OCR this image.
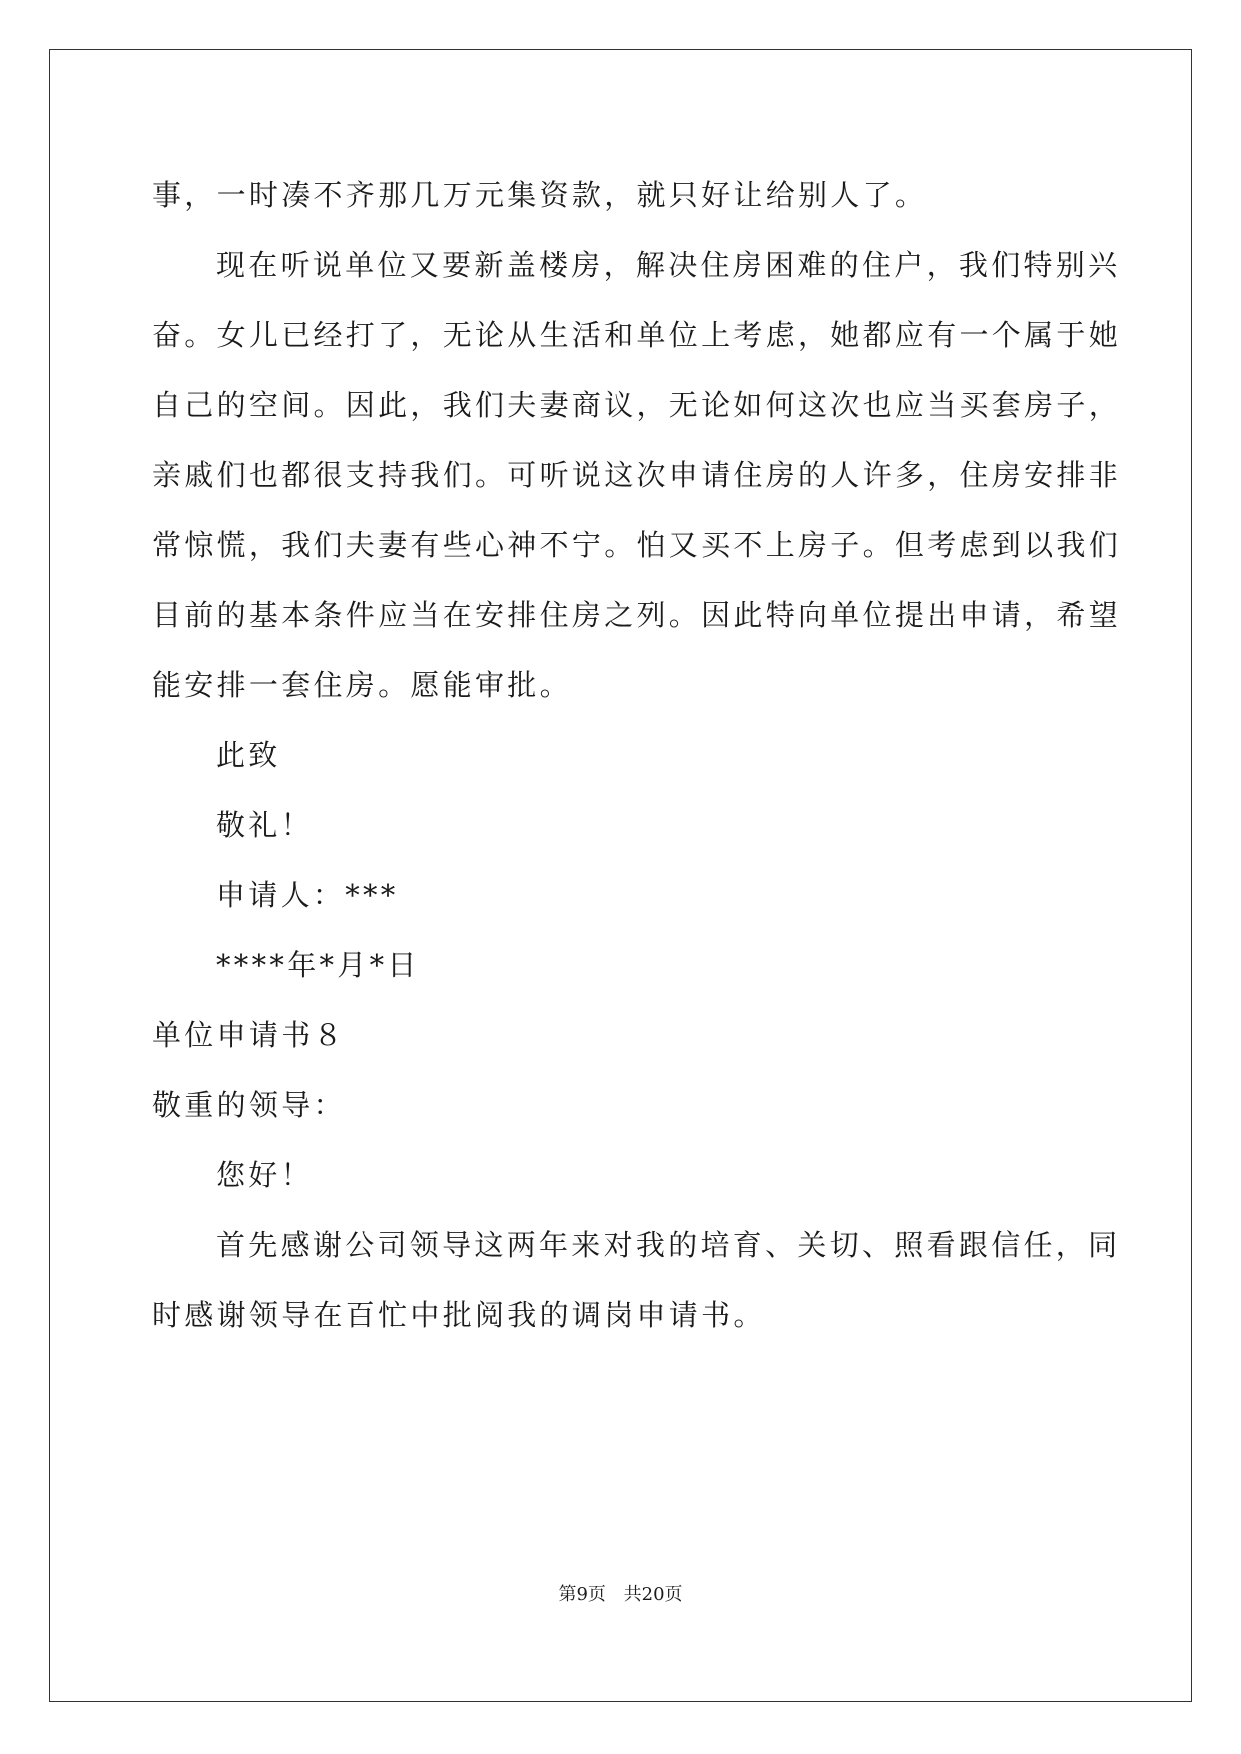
事，一时凑不齐那几万元集资款，就只好让给别人了。
现在听说单位又要新盖楼房，解决住房困难的住户，我们特别兴
奋。女儿已经打了，无论从生活和单位上考虑，她都应有一个属于她
自己的空间。因此，我们夫妻商议，无论如何这次也应当买套房子，
亲戚们也都很支持我们。可听说这次申请住房的人许多，住房安排非
常惊慌，我们夫妻有些心神不宁。怕又买不上房子。但考虑到以我们
目前的基本条件应当在安排住房之列。因此特向单位提出申请，希望
能安排一套住房。愿能审批。
此致
敬礼！
申请人：***
****年*月*日
单位申请书８
敬重的领导：
您好！
首先感谢公司领导这两年来对我的培育、关切、照看跟信任，同
时感谢领导在百忙中批阅我的调岗申请书。
第9页 共20页
